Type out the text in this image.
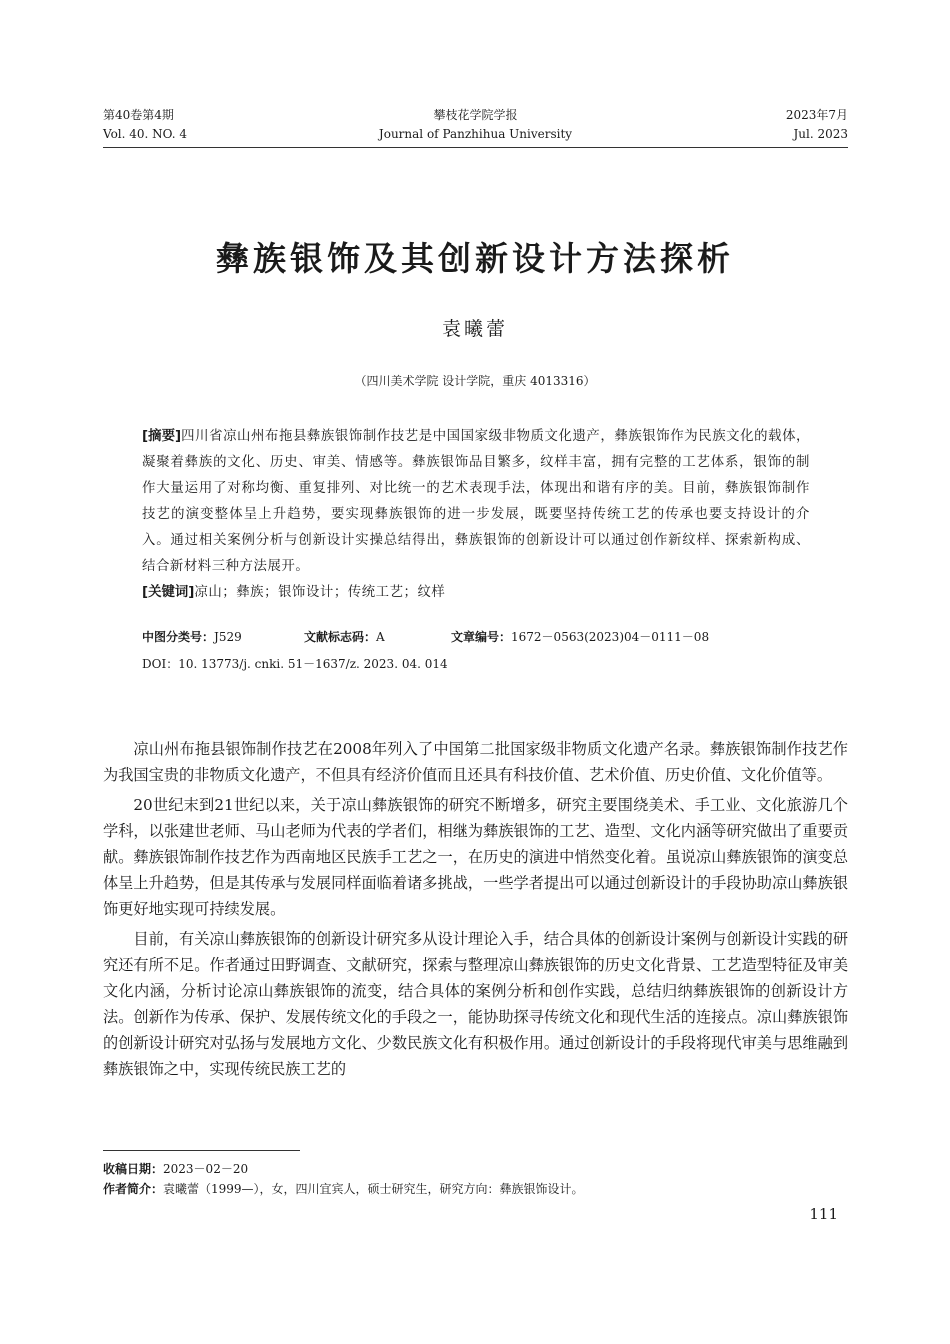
第40卷第4期
Vol. 40. NO. 4
攀枝花学院学报
Journal of Panzhihua University
2023年7月
Jul. 2023
彝族银饰及其创新设计方法探析
袁曦蕾
（四川美术学院 设计学院，重庆 4013316）

[摘要]四川省凉山州布拖县彝族银饰制作技艺是中国国家级非物质文化遗产，彝族银饰作为民族文化的载体，凝聚着彝族的文化、历史、审美、情感等。彝族银饰品目繁多，纹样丰富，拥有完整的工艺体系，银饰的制作大量运用了对称均衡、重复排列、对比统一的艺术表现手法，体现出和谐有序的美。目前，彝族银饰制作技艺的演变整体呈上升趋势，要实现彝族银饰的进一步发展，既要坚持传统工艺的传承也要支持设计的介入。通过相关案例分析与创新设计实操总结得出，彝族银饰的创新设计可以通过创作新纹样、探索新构成、结合新材料三种方法展开。

[关键词]凉山；彝族；银饰设计；传统工艺；纹样

中图分类号：J529	文献标志码：A	文章编号：1672－0563(2023)04－0111－08
DOI：10. 13773/j. cnki. 51－1637/z. 2023. 04. 014

凉山州布拖县银饰制作技艺在2008年列入了中国第二批国家级非物质文化遗产名录。彝族银饰制作技艺作为我国宝贵的非物质文化遗产，不但具有经济价值而且还具有科技价值、艺术价值、历史价值、文化价值等。

20世纪末到21世纪以来，关于凉山彝族银饰的研究不断增多，研究主要围绕美术、手工业、文化旅游几个学科，以张建世老师、马山老师为代表的学者们，相继为彝族银饰的工艺、造型、文化内涵等研究做出了重要贡献。彝族银饰制作技艺作为西南地区民族手工艺之一，在历史的演进中悄然变化着。虽说凉山彝族银饰的演变总体呈上升趋势，但是其传承与发展同样面临着诸多挑战，一些学者提出可以通过创新设计的手段协助凉山彝族银饰更好地实现可持续发展。

目前，有关凉山彝族银饰的创新设计研究多从设计理论入手，结合具体的创新设计案例与创新设计实践的研究还有所不足。作者通过田野调查、文献研究，探索与整理凉山彝族银饰的历史文化背景、工艺造型特征及审美文化内涵，分析讨论凉山彝族银饰的流变，结合具体的案例分析和创作实践，总结归纳彝族银饰的创新设计方法。创新作为传承、保护、发展传统文化的手段之一，能协助探寻传统文化和现代生活的连接点。凉山彝族银饰的创新设计研究对弘扬与发展地方文化、少数民族文化有积极作用。通过创新设计的手段将现代审美与思维融到彝族银饰之中，实现传统民族工艺的

收稿日期：2023－02－20
作者简介：袁曦蕾（1999—），女，四川宜宾人，硕士研究生，研究方向：彝族银饰设计。
111
